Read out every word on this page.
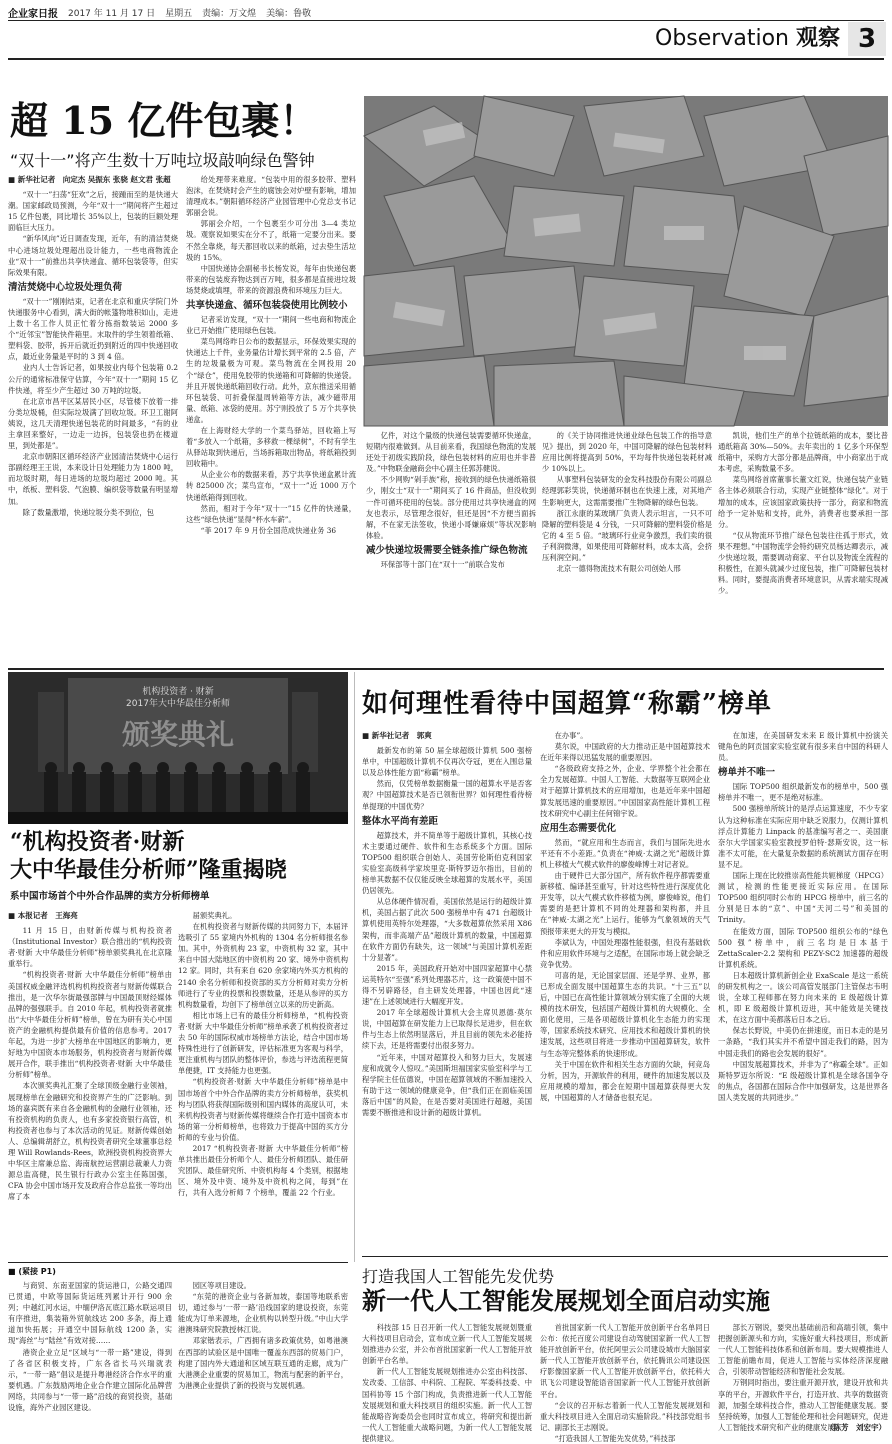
企业家日报 2017 年 11 月 17 日 星期五 责编：万文煌 美编：鲁敬
Observation 观察 3
超 15 亿件包裹！
“双十一”将产生数十万吨垃圾敲响绿色警钟
■ 新华社记者　向定杰 吴振东 张骁 赵文君 张超

“双十一”扫荡“狂欢”之后，接踵而至的是快递大潮。国家邮政局预测，今年“双十一”期间将产生超过 15 亿件包裹，同比增长 35%以上，包装的巨额处理面临巨大压力。

“新华风向”近日调查发现，近年，有的清洁焚烧中心进场垃圾处理超出设计能力，一些电商物流企业“双十一”前推出共享快递盒、循环包装袋等，但实际效果有限。

清洁焚烧中心垃圾处理负荷

“双十一”刚刚结束，记者在北京和重庆学院门外快递服务中心看到，满大街的帐篷物堆积如山，走进上数十名工作人员正忙着分拣指数装运 2000 多个“近邻宝”智能快件箱里。末取件的学生领着纸箱、塑料袋、胶带，拆开后就近扔到附近的四中快递回收点，最近业务量是平时的 3 到 4 倍。

业内人士告诉记者，如果按业内每个包装箱 0.2 公斤的通常标准保守估算，今年“双十一”期间 15 亿件快递，将至少产生超过 30 万吨的垃圾。

在北京市昌平区某居民小区，尽管楼下放着一排分类垃圾桶，但实际垃圾满了回收垃圾。环卫工谢阿姨说，这几天清理快递包装花的时间最多，“有的业主拿回来整好，一边走一边拆，包装袋也扔在楼道里，到处都是”。

北京市朝阳区循环经济产业园清洁焚烧中心运行部副经理王王说，本来设计日处理能力为 1800 吨，而垃圾时期，每日进场的垃圾均超过 2000 吨。其中，纸板、塑料袋、气泡膜、编织袋等数量有明显增加。

除了数量激增，快递垃圾分类不到位，包

给处理带来难度。“包装中用的很多胶带、塑料泡沫，在焚烧时会产生的腐蚀会对炉壁有影响，增加清理成本。”朝阳循环经济产业园管理中心党总支书记郭丽会说。

郭丽会介绍，一个包裹至少可分出 3—4 类垃圾。观察说如果实在分不了，纸箱一定要分出来。要不然全靠烧，每天都回收以来的纸箱，过去垫生活垃圾的 15%。

中国快递协会副秘书长杨发说，每年由快递包裹带来的包装废弃物达到百万吨，很多都是直接进垃圾场焚烧或填埋，带来的资源浪费和环境压力巨大。

共享快递盒、循环包装袋使用比例较小

记者采访发现，“双十一”期间一些电商和物流企业已开始推广使用绿色包装。

菜鸟网络昨日公布的数据显示，环保效果实现的快递达上千件，业务量估计增长到平常的 2.5 倍，产生的垃圾量极为可观。菜鸟物流在全网投用 20 个“绿仓”，使用免胶带的快递箱和可降解的快递袋。并且开展快递纸箱回收行动。此外，京东推送采用循环包装袋、可折叠保温周转箱等方法，减少磁带用量、纸箱、冰袋的使用。苏宁则投放了 5 万个共享快递盒。

在上海财经大学的一个菜鸟驿站，回收箱上写着“多放入一个纸箱，多移救一棵绿树”，不时有学生从驿站取到快递后，当场拆箱取出物品，将纸箱投到回收箱中。

从企业公布的数据来看，苏宁共享快递盒累计流转 825000 次；菜鸟宣布，“双十一”近 1000 万个快递纸箱得到回收。

然而，相对于今年“双十一”15 亿件的快递量，这些“绿色快递”显得“杯水车薪”。

“菲 2017 年 9 月份全国范成快递业务 36

亿件，对这个量级的快递包装需要循环快递盒，短期内很难做到。从目前来看，我国绿色物流的发展还处于初级实践阶段，绿色包装材料的应用也并非普及。”中物联金融商会中心副主任郭苏健说。

不少网购“剁手族”称，接收到的绿色快递纸箱很少，刚女士“双十一”期间买了 16 件商品，但没收到一件可循环使用的包装。部分使用过共享快递盒的网友也表示，尽管理念很好，但还是因“不方便当面拆解，不在家无法签收，快递小哥嫌麻烦”等状况影响体验。

减少快递垃圾需要全链条推广绿色物流

环保部等十部门在“双十一”前联合发布

的《关于协同推进快递业绿色包装工作的指导意见》提出，到 2020 年，中国可降解的绿色包装材料应用比例将提高到 50%，平均每件快递包装耗材减少 10%以上。

从事塑料包装研发的金发科技股份有限公司副总经理郭彩笑说，快递循环制也在快速上涨，对其地产生影响更大，这需需要推广生物降解的绿色包装。

浙江永康的某玻璃厂负责人表示坦言，一只不可降解的塑料袋是 4 分钱，一只可降解的塑料袋价格是它的 4 至 5 倍。“玻璃环行业竞争激烈，我们卖的很子利润微薄，如果使用可降解材料，成本太高，会挤压利润空间。”

北京一德得物流技术有限公司创始人邢

凯说，他们生产的单个拉链纸箱的成本，要比普通纸箱高 30%—50%。去年卖出的 1 亿多个环保型纸箱中，采购方大部分都是品牌商，中小商家出于成本考虑，采购数量不多。

菜鸟网络首席董事长董文红说，快递包装产业链各主体必须联合行动，实现产业链整体“绿化”。对于增加的成本，应该国家政策扶持一部分，商家和物流给予一定补贴和支持，此外，消费者也要承担一部分。

“仅从物流环节推广绿色包装往往孤于形式，效果不理想。”中国物流学会特约研究员杨达卿表示，减少快递垃圾，需要调动商家、平台以及物流全流程的积极性，在源头就减少过度包装，推广可降解包装材料。同时，要提高消费者环境意识，从需求端实现减少。

机构投资者 · 财新
2017年大中华最佳分析师
颁奖典礼
“机构投资者·财新
大中华最佳分析师”隆重揭晓
系中国市场首个中外合作品牌的卖方分析师榜单
■ 本报记者　王海亮

11 月 15 日，由财新传媒与机构投资者（Institutional Investor）联合推出的“机构投资者·财新 大中华最佳分析师”榜单颁奖典礼在北京隆重举行。

“机构投资者·财新 大中华最佳分析师”榜单由美国权威金融评选机构机构投资者与财新传媒联合推出，是一次华尔街最强部牌与中国最顶财经媒体品牌的强强联手。自 2010 年起，机构投资者就推出“大中华最佳分析师”榜单，曾在为研有关心中国资产的金融机构提供最有价值的信息参考。2017 年起，为进一步扩大榜单在中国地区的影响力，更好地为中国资本市场服务，机构投资者与财新传媒展开合作，联手推出“机构投资者·财新 大中华最佳分析师”榜单。

本次颁奖典礼汇聚了全球顶级金融行业领袖，展现榜单在金融研究和投资界产生的广泛影响。到场的嘉宾既有来自各金融机构的金融行业领袖，还有投资机构的负责人，也有多家投资银行高管，机构投资者也参与了本次活动的见证。财新传媒创始人、总编辑胡舒立，机构投资者研究全球董事总经理 Will Rowlands-Rees，欧洲投资机构投资界大中华区主席兼总监、海南航控运营副总裁兼人力资源总监高健，民生银行行政办公室主任陈国强，CFA 协会中国市场开发及政府合作总监张一等均出席了本

届颁奖典礼。

在机构投资者与财新传媒的共同努力下，本届评选吸引了 55 家境内外机构的 1304 名分析师报名参加。其中，外资机构 23 家，中资机构 32 家，其中来自中国大陆地区的中资机构 20 家、境外中资机构 12 家。同时，共有来自 620 余家境内外买方机构的 2140 余名分析师和投资部的买方分析师对卖方分析师进行了专业的投票和投票数量，还是从参评的买方机构数量看，均创下了榜单创立以来的历史新高。

相比市场上已有的最佳分析师榜单，“机构投资者·财新 大中华最佳分析师”榜单承袭了机构投资者过去 50 年的国际权威市场榜单方法论，结合中国市场特殊性进行了创新研发，评估标准更为客观与科学，更注重机构与团队的整体评价，参选与评选流程更简单便捷，IT 支持能力也更强。

“机构投资者·财新 大中华最佳分析师”榜单是中国市场首个中外合作品牌的卖方分析师榜单，获奖机构与团队将获得国际级别和国内媒体的高度认可，未来机构投资者与财新传媒将继续合作打造中国资本市场的第一分析师榜单，也将致力于提高中国的买方分析师的专业与价值。

2017 “机构投资者·财新 大中华最佳分析师”榜单共推出最佳分析师个人、最佳分析师团队、最佳研究团队、最佳研究所、中资机构每 4 个类别，根据地区、境外及中资、境外及中资机构之间，每到”在行，共有入选分析师 7 个榜单，覆盖 22 个行业。

如何理性看待中国超算“称霸”榜单
■ 新华社记者　郭爽

最新发布的第 50 届全球超级计算机 500 强榜单中，中国超级计算机不仅再次夺冠，更在入围总量以及总体性能方面“称霸”榜单。

然而，仅凭榜单数据衡量一国的超算水平是否客观？中国超算技术是否已领衔世界？如何理性看待榜单提现的中国优势？

整体水平尚有差距

超算技术，并不简单等于超级计算机，其核心技术主要通过硬件、软件和生态系统多个方面。国际 TOP500 组织联合创始人、美国劳伦斯伯克利国家实验室高级科学家埃里克·斯特罗迈尔指出，目前的榜单其数据不仅仅能反映全球超算的发展水平，美国仍居领先。

从总体硬件情况看，美国依然是运行的超级计算机，美国占据了此次 500 强榜单中有 471 台超级计算机使用英特尔处理器，“大多数超算依然采用 X86 架构，而非高端产品”超级计算机的数量，中国超算在软件方面仍有缺失，这一领域“与美国计算机差距十分显著”。

2015 年，美国政府开始对中国四家超算中心禁运英特尔“至强”系列处理器芯片，这一政策使中国不得不另辟路径，自主研发处理器，中国也因此“速速”在上述领域进行大幅度开发。

2017 年全球超级计算机大会主席贝恩德·莫尔说，中国超算在研发能力上已取得长足进步，但在软件与生态上依然明显落后，并且目前的领先未必能持续下去，还是将需要付出很多努力。

“近年来，中国对超算投入和努力巨大，发展速度和成就令人惊叹。”美国斯坦福国家实验室科学与工程学院主任伍德说，中国在超算领域的不断加速投入有助于这一领域的健康竞争，但“我们正在面临美国落后中国”的风险，在是否要对美国进行超越，美国需要不断推进和设计新的超级计算机。

在办事”。

莫尔说，中国政府的大力推动正是中国超算技术在近年来得以迅猛发展的重要原因。

“各级政府支持之外，企业、学界整个社会都在全力发展超算。中国人工智能、大数据等互联网企业对于超算计算机技术的应用增加，也是近年来中国超算发展迅速的重要原因。”中国国家高性能计算机工程技术研究中心副主任何锦宇说。

应用生态需要优化

然而，“就应用和生态而言，我们与国际先进水平还有不小差距。”负责在“神威·太湖之光”超级计算机上移植大气模式软件的廖俊峰博士对记者说。

由于硬件已大部分国产，所有软件程序都需要重新移植、编译甚至重写，针对这些特性进行深度优化开发等，以大气模式软件移植为例，廖俊峰说，他们需要的是把计算机不同的处理器和架构都，并且在“神威·太湖之光”上运行，能够为气象领域的天气预报带来更大的开发与模拟。

李斌认为，中国处理器性能很强，但没有基础软件和应用软件环境与之适配，在国际市场上就会缺乏竞争优势。

可喜的是，无论国家层面、还是学界、业界，都已形成全面发展中国超算生态的共识。“十三五”以后，中国已在高性能计算领域分别实施了全面的大规模的技术研发，包括国产超级计算机的大规模化、全面化使用，三是各项超级计算机化生态能力的实现等，国家系统技术研究、应用技术和超级计算机的快速发展，这些项目将进一步推动中国超算研发，软件与生态等完整体系的快速形成。

关于中国在软件和相关生态方面的欠缺，何竞岛分析，因为，开源软件的利用，硬件的加速发展以及应用规模的增加，都会在短期中国超算获得更大发展，中国超算的人才储备也很充足。

在加速，在美国研发未来 E 级计算机中扮演关键角色的阿贡国家实验室就有很多来自中国的科研人员。

榜单并不唯一

国际 TOP500 组织最新发布的榜单中，500 强榜单并不唯一，更不是绝对标准。

500 强榜单所统计的是浮点运算速度，不少专家认为这种标准在实际应用中缺乏说服力，仅测计算机浮点计算能力 Linpack 的基准编写者之一、美国康奈尔大学国家实验室教授罗伯特·瑟斯安说，这一标准不太可能，在大量复杂数据的系统测试方面存在明显不足。

国际上现在比较推崇高性能共轭梯度（HPCG）测试，检测的性能更接近实际应用。在国际 TOP500 组织同时公布的 HPCG 榜单中，前三名的分别是日本的“京”、中国“天河二号”和美国的 Trinity。

在能效方面，国际 TOP500 组织公布的“绿色 500 强”榜单中，前三名均是日本基于 ZettaScaler-2.2 架构和 PEZY-SC2 加速器的超级计算机系统。

日本超级计算机新创企业 ExaScale 是这一系统的研发机构之一。该公司高管发展部门主管保志韦明说，全球工程师都在努力向未来的 E 级超级计算机，即 E 级超级计算机迈进，其中能效是关键技术，在这方面中美都落后日本之后。

保志长野说，中美仍在拼速度，而日本走的是另一条路，“我们其实并不希望中国走我们的路，因为中国走我们的路也会发展的很好”。

中国发展超算技术，并非为了“称霸全球”。正如斯特罗迈尔所说：“E 级超级计算机是全球各国争夺的焦点，各国都在国际合作中加强研发，这是世界各国人类发展的共同进步。”

■ (紧接 P1)

与商贸、东南亚国家的货运港口，公路交通四已贯通，中欧等国际货运班列累计开行 900 余列；中越红河水运，中缅伊洛瓦底江路水联运项目有序推进，集装箱外贸航线达 200 多条，海上通道加快拓展；开通空中国际航线 1200 条，实现“海丝”与“陆丝”有效对接……

港资企业立足“区域与“一带一路”建设，得到了各省区积极支持，广东各省长马兴瑞就表示，“一带一路”倡议是提升粤港经济合作水平的重要机遇。广东鼓励两地企业合作建立国际化品牌营网络，共同参与“一带一路”沿线的商贸投资，基础设施，海外产业园区建设。

园区等项目建设。

“东莞的港资企业与各新加坡，泰国等地联系密切，通过参与‘一带一路’沿线国家的建设投资，东莞能成为订单来源地，企业机构以转型升级。”中山大学港澳珠研究院教授林江说。

邓家锴表示，广西拥有诸多政策优势，如粤港澳在西部的试验区是中国唯一覆盖东西部的贸易门户，构建了国内外大通道和区域互联互通的走廊，成为广大港澳企业重要的贸易加工，物流与配套的新平台，为港澳企业提供了新的投资与发展机遇。

打造我国人工智能先发优势
新一代人工智能发展规划全面启动实施

科技部 15 日召开新一代人工智能发展规划暨重大科技项目启动会，宣布成立新一代人工智能发展规划推进办公室，并公布首批国家新一代人工智能开放创新平台名单。

新一代人工智能发展规划推进办公室由科技部、发改委、工信部、中科院、工程院、军委科技委、中国科协等 15 个部门构成，负责推进新一代人工智能发展规划和重大科技项目的组织实施。新一代人工智能战略咨询委员会也同时宣布成立，将研究和提出新一代人工智能重大战略问题，为新一代人工智能发展提供建议。

首批国家新一代人工智能开放创新平台名单同日公布：依托百度公司建设自动驾驶国家新一代人工智能开放创新平台，依托阿里云公司建设城市大脑国家新一代人工智能开放创新平台，依托腾讯公司建设医疗影像国家新一代人工智能开放创新平台，依托科大讯飞公司建设智能语音国家新一代人工智能开放创新平台。

“会议的召开标志着新一代人工智能发展规划和重大科技项目进入全面启动实施阶段。”科技部党组书记、副部长王志刚说。

“打造我国人工智能先发优势，”科技部

部长万钢说，要突出基础前沿和高端引领，集中把握创新源头和方向，实施好重大科技项目，形成新一代人工智能科技体系和创新布局。要大规模推进人工智能前瞻布局，促进人工智能与实体经济深度融合，引领带动智能经济和智能社会发展。

万钢同时指出，要注重开源开放，建设开放和共享的平台，开源软件平台，打造开放、共享的数据资源，加强全球科技合作，推动人工智能健康发展。要坚持统筹，加强人工智能伦理和社会问题研究，促进人工智能技术研究和产业的健康发展。

（陈芳　刘宏宇）
